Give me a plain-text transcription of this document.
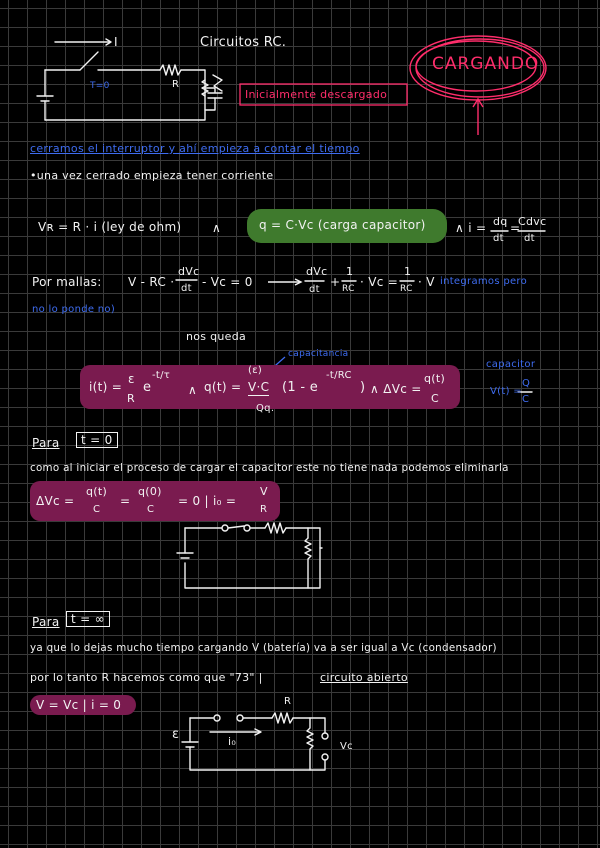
Circuitos RC.
CARGANDO
I
T=0	R
Inicialmente descargado
cerramos el interruptor y ahí empieza a contar el tiempo
•una vez cerrado empieza tener corriente
Vʀ = R · i (ley de ohm)	∧	q = C·Vc (carga capacitor) ∧ i = dq
dt
=
Cdvc
dt
Por mallas: V - RC ·
dVc
dt - Vc = 0
dVc
dt
+
1
RC · Vc =
1
RC · V integramos pero
no lo ponde no)
nos queda
i(t) =
ε
R
e
-t/τ
∧ q(t) =
(ε)
V·C (1 - e
-t/RC
)
Qq.
∧ ΔVc =
q(t)
C
capacitancia
capacitor
V(t) =
Q
C
Para	t = 0
como al iniciar el proceso de cargar el capacitor este no tiene nada podemos eliminarla
ΔVc =
q(t)
C
=
q(0)
C
= 0 | i₀ =
V
R
Para t = ∞
ya que lo dejas mucho tiempo cargando V (batería) va a ser igual a Vc (condensador)
por lo tanto R hacemos como que "73" |	circuito abierto
V = Vc | i = 0
ε
R
i₀	Vc
